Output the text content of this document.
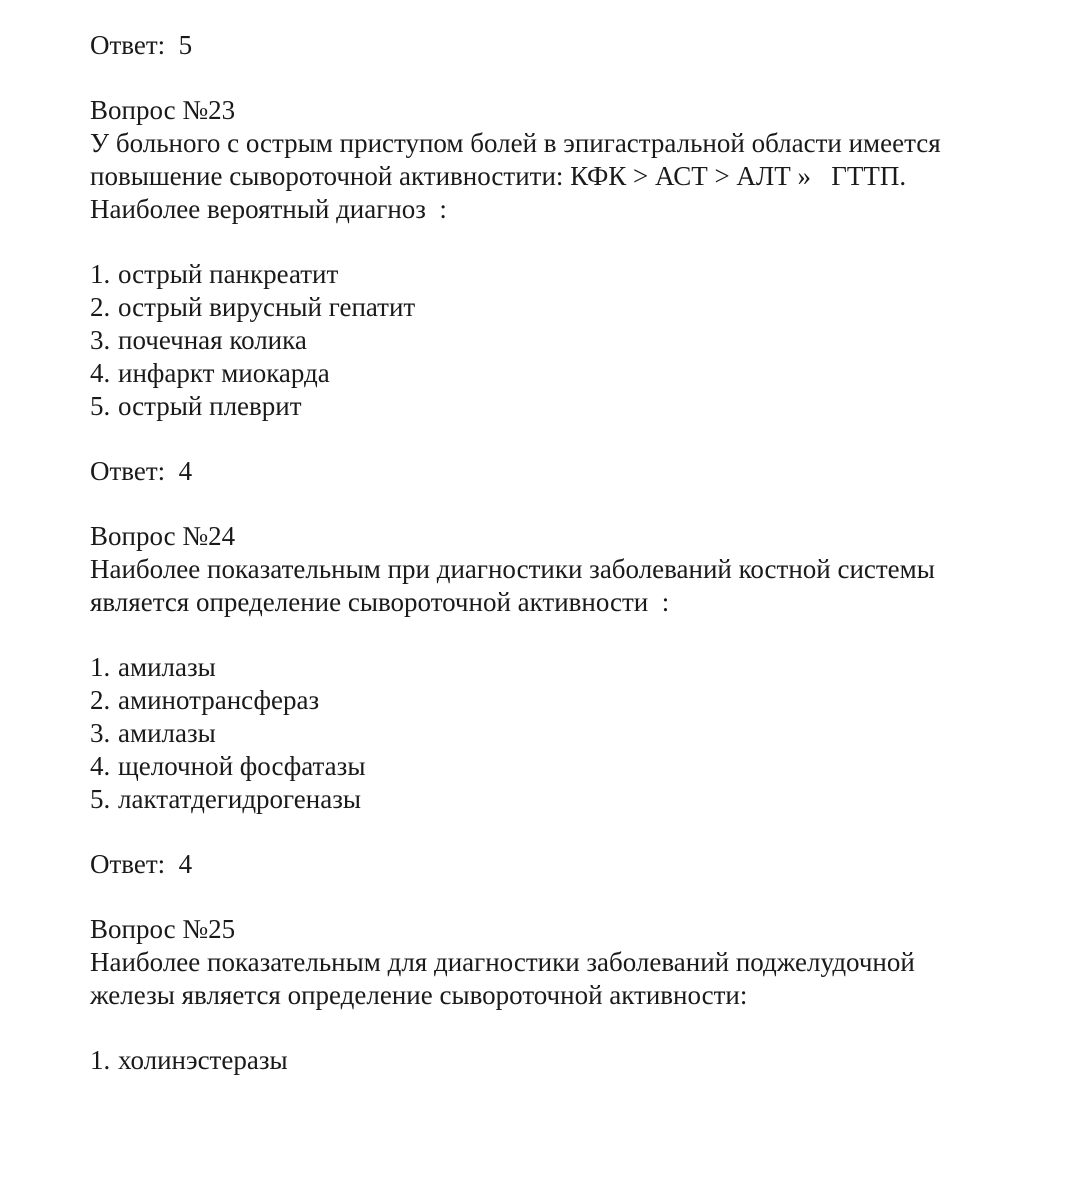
Ответ:  5
Вопрос №23
У больного с острым приступом болей в эпигастральной области имеется
повышение сывороточной активностити: КФК > АСТ > АЛТ »   ГТТП.
Наиболее вероятный диагноз  :
1. острый панкреатит
2. острый вирусный гепатит
3. почечная колика
4. инфаркт миокарда
5. острый плеврит
Ответ:  4
Вопрос №24
Наиболее показательным при диагностики заболеваний костной системы
является определение сывороточной активности  :
1. амилазы
2. аминотрансфераз
3. амилазы
4. щелочной фосфатазы
5. лактатдегидрогеназы
Ответ:  4
Вопрос №25
Наиболее показательным для диагностики заболеваний поджелудочной
железы является определение сывороточной активности:
1. холинэстеразы
